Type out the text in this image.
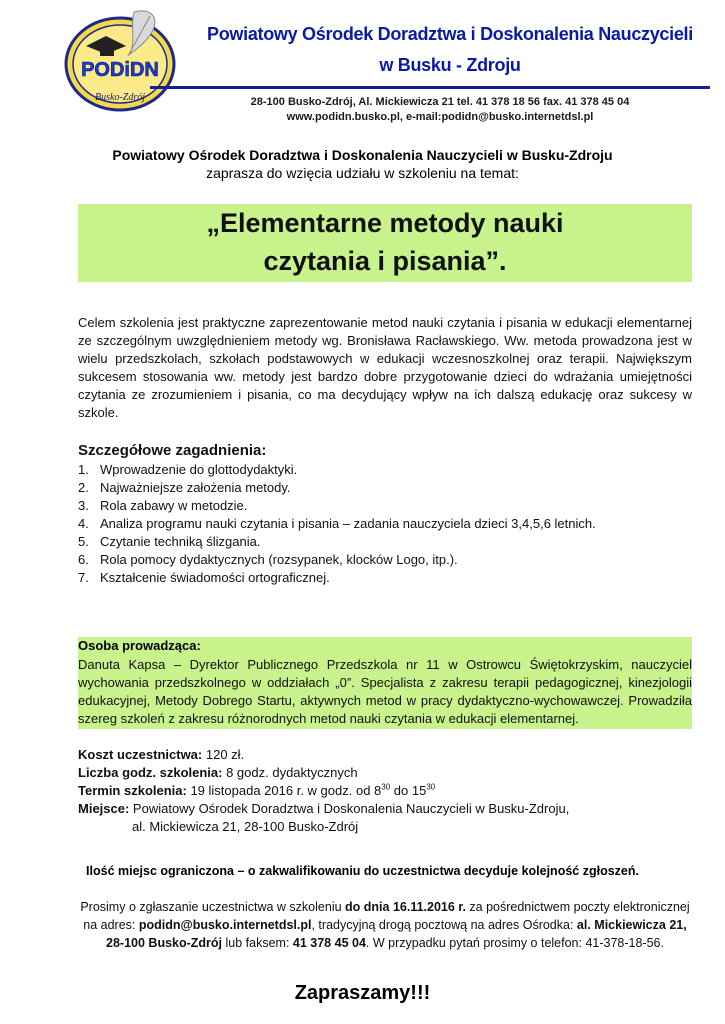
PODiDN
Busko-Zdrój
Powiatowy Ośrodek Doradztwa i Doskonalenia Nauczycieli
w Busku - Zdroju
28-100 Busko-Zdrój, Al. Mickiewicza 21 tel. 41 378 18 56 fax. 41 378 45 04
www.podidn.busko.pl, e-mail:podidn@busko.internetdsl.pl
Powiatowy Ośrodek Doradztwa i Doskonalenia Nauczycieli w Busku-Zdroju
zaprasza do wzięcia udziału w szkoleniu na temat:
„Elementarne metody nauki
czytania i pisania”.
Celem szkolenia jest praktyczne zaprezentowanie metod nauki czytania i pisania w edukacji elementarnej ze szczególnym uwzględnieniem metody wg. Bronisława Racławskiego. Ww. metoda prowadzona jest w wielu przedszkolach, szkołach podstawowych w edukacji wczesnoszkolnej oraz terapii. Największym sukcesem stosowania ww. metody jest bardzo dobre przygotowanie dzieci do wdrażania umiejętności czytania ze zrozumieniem i pisania, co ma decydujący wpływ na ich dalszą edukację oraz sukcesy w szkole.
Szczegółowe zagadnienia:
1. Wprowadzenie do glottodydaktyki.
2. Najważniejsze założenia metody.
3. Rola zabawy w metodzie.
4. Analiza programu nauki czytania i pisania – zadania nauczyciela dzieci 3,4,5,6 letnich.
5. Czytanie techniką ślizgania.
6. Rola pomocy dydaktycznych (rozsypanek, klocków Logo, itp.).
7. Kształcenie świadomości ortograficznej.
Osoba prowadząca:
Danuta Kapsa – Dyrektor Publicznego Przedszkola nr 11 w Ostrowcu Świętokrzyskim, nauczyciel wychowania przedszkolnego w oddziałach „0”. Specjalista z zakresu terapii pedagogicznej, kinezjologii edukacyjnej, Metody Dobrego Startu, aktywnych metod w pracy dydaktyczno-wychowawczej. Prowadziła szereg szkoleń z zakresu różnorodnych metod nauki czytania w edukacji elementarnej.
Koszt uczestnictwa: 120 zł.
Liczba godz. szkolenia: 8 godz. dydaktycznych
Termin szkolenia: 19 listopada 2016 r. w godz. od $8^{30}$ do $15^{30}$
Miejsce: Powiatowy Ośrodek Doradztwa i Doskonalenia Nauczycieli w Busku-Zdroju,
al. Mickiewicza 21, 28-100 Busko-Zdrój
Ilość miejsc ograniczona – o zakwalifikowaniu do uczestnictwa decyduje kolejność zgłoszeń.
Prosimy o zgłaszanie uczestnictwa w szkoleniu do dnia 16.11.2016 r. za pośrednictwem poczty elektronicznej na adres: podidn@busko.internetdsl.pl, tradycyjną drogą pocztową na adres Ośrodka: al. Mickiewicza 21, 28-100 Busko-Zdrój lub faksem: 41 378 45 04. W przypadku pytań prosimy o telefon: 41-378-18-56.
Zapraszamy!!!
